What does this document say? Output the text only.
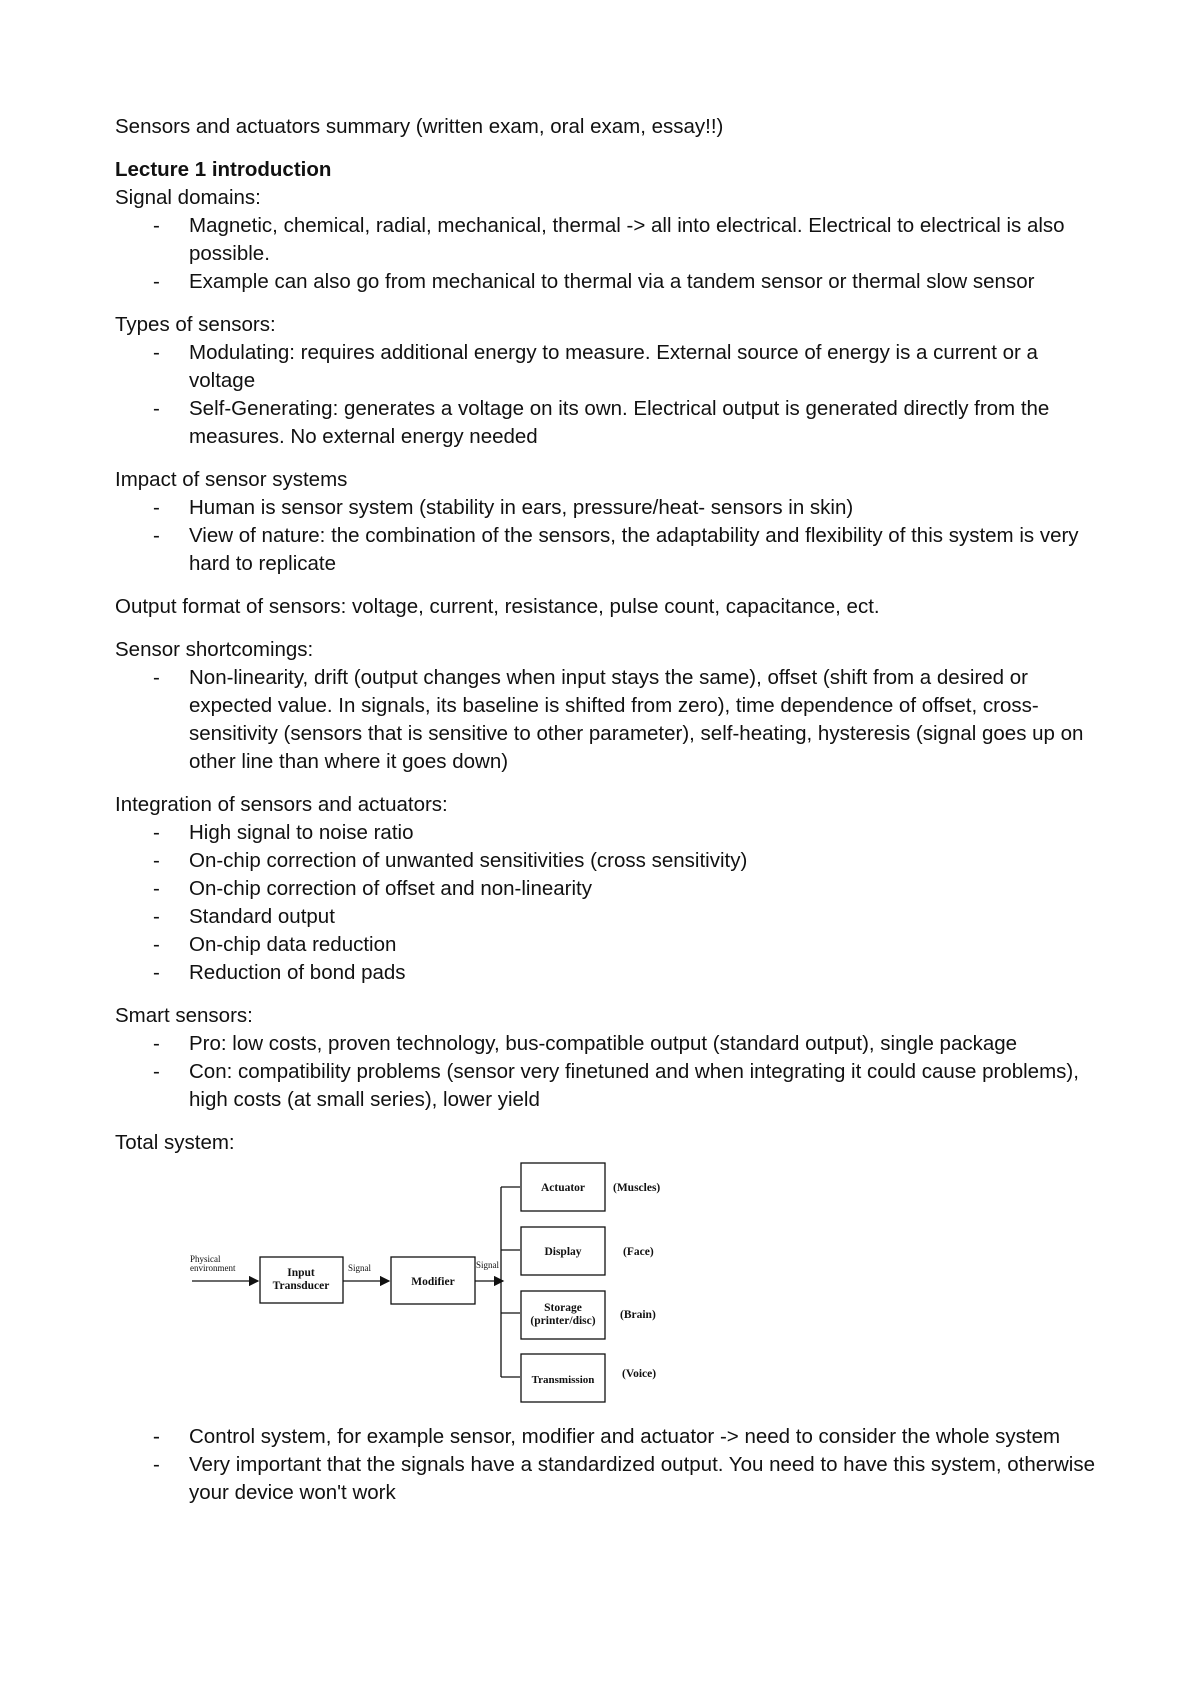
Sensors and actuators summary (written exam, oral exam, essay!!)

Lecture 1 introduction

Signal domains:

- Magnetic, chemical, radial, mechanical, thermal -> all into electrical. Electrical to electrical is also possible.
- Example can also go from mechanical to thermal via a tandem sensor or thermal slow sensor

Types of sensors:

- Modulating: requires additional energy to measure. External source of energy is a current or a voltage
- Self-Generating: generates a voltage on its own. Electrical output is generated directly from the measures. No external energy needed

Impact of sensor systems

- Human is sensor system (stability in ears, pressure/heat- sensors in skin)
- View of nature: the combination of the sensors, the adaptability and flexibility of this system is very hard to replicate

Output format of sensors: voltage, current, resistance, pulse count, capacitance, ect.

Sensor shortcomings:

- Non-linearity, drift (output changes when input stays the same), offset (shift from a desired or expected value. In signals, its baseline is shifted from zero), time dependence of offset, cross-sensitivity (sensors that is sensitive to other parameter), self-heating, hysteresis (signal goes up on other line than where it goes down)

Integration of sensors and actuators:

- High signal to noise ratio
- On-chip correction of unwanted sensitivities (cross sensitivity)
- On-chip correction of offset and non-linearity
- Standard output
- On-chip data reduction
- Reduction of bond pads

Smart sensors:

- Pro: low costs, proven technology, bus-compatible output (standard output), single package
- Con: compatibility problems (sensor very finetuned and when integrating it could cause problems), high costs (at small series), lower yield

Total system:

Physical
environment	Input
Transducer
Signal
Modifier
Signal
Actuator (Muscles)
Display	(Face)
Storage
(printer/disc) (Brain)
Transmission (Voice)
- Control system, for example sensor, modifier and actuator -> need to consider the whole system
- Very important that the signals have a standardized output. You need to have this system, otherwise your device won't work
